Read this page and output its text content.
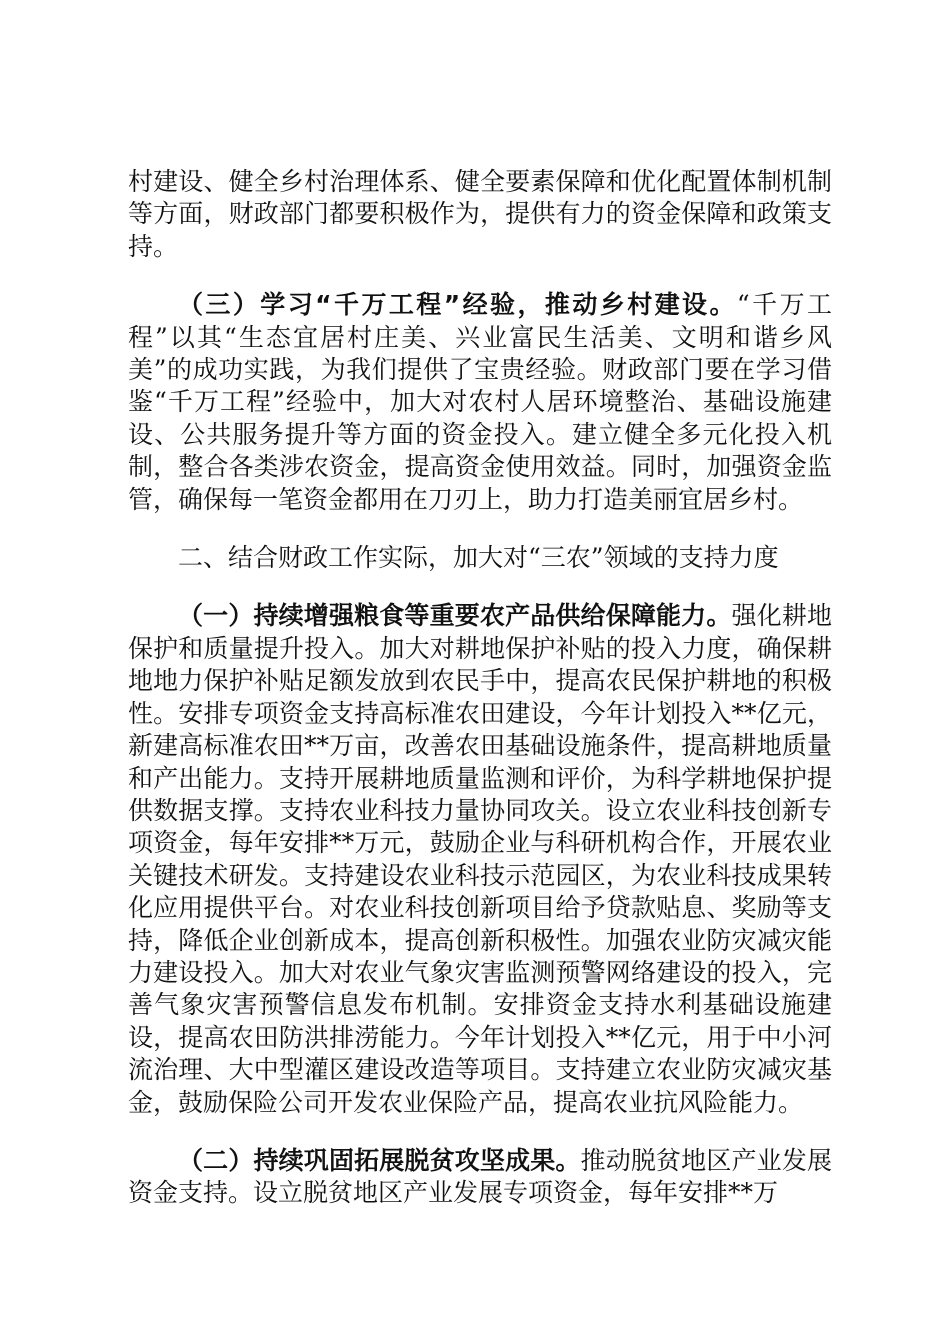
村建设、健全乡村治理体系、健全要素保障和优化配置体制机制等方面，财政部门都要积极作为，提供有力的资金保障和政策支持。

（三）学习“千万工程”经验，推动乡村建设。“千万工程”以其“生态宜居村庄美、兴业富民生活美、文明和谐乡风美”的成功实践，为我们提供了宝贵经验。财政部门要在学习借鉴“千万工程”经验中，加大对农村人居环境整治、基础设施建设、公共服务提升等方面的资金投入。建立健全多元化投入机制，整合各类涉农资金，提高资金使用效益。同时，加强资金监管，确保每一笔资金都用在刀刃上，助力打造美丽宜居乡村。

二、结合财政工作实际，加大对“三农”领域的支持力度

（一）持续增强粮食等重要农产品供给保障能力。强化耕地保护和质量提升投入。加大对耕地保护补贴的投入力度，确保耕地地力保护补贴足额发放到农民手中，提高农民保护耕地的积极性。安排专项资金支持高标准农田建设，今年计划投入**亿元，新建高标准农田**万亩，改善农田基础设施条件，提高耕地质量和产出能力。支持开展耕地质量监测和评价，为科学耕地保护提供数据支撑。支持农业科技力量协同攻关。设立农业科技创新专项资金，每年安排**万元，鼓励企业与科研机构合作，开展农业关键技术研发。支持建设农业科技示范园区，为农业科技成果转化应用提供平台。对农业科技创新项目给予贷款贴息、奖励等支持，降低企业创新成本，提高创新积极性。加强农业防灾减灾能力建设投入。加大对农业气象灾害监测预警网络建设的投入，完善气象灾害预警信息发布机制。安排资金支持水利基础设施建设，提高农田防洪排涝能力。今年计划投入**亿元，用于中小河流治理、大中型灌区建设改造等项目。支持建立农业防灾减灾基金，鼓励保险公司开发农业保险产品，提高农业抗风险能力。

（二）持续巩固拓展脱贫攻坚成果。推动脱贫地区产业发展资金支持。设立脱贫地区产业发展专项资金，每年安排**万
